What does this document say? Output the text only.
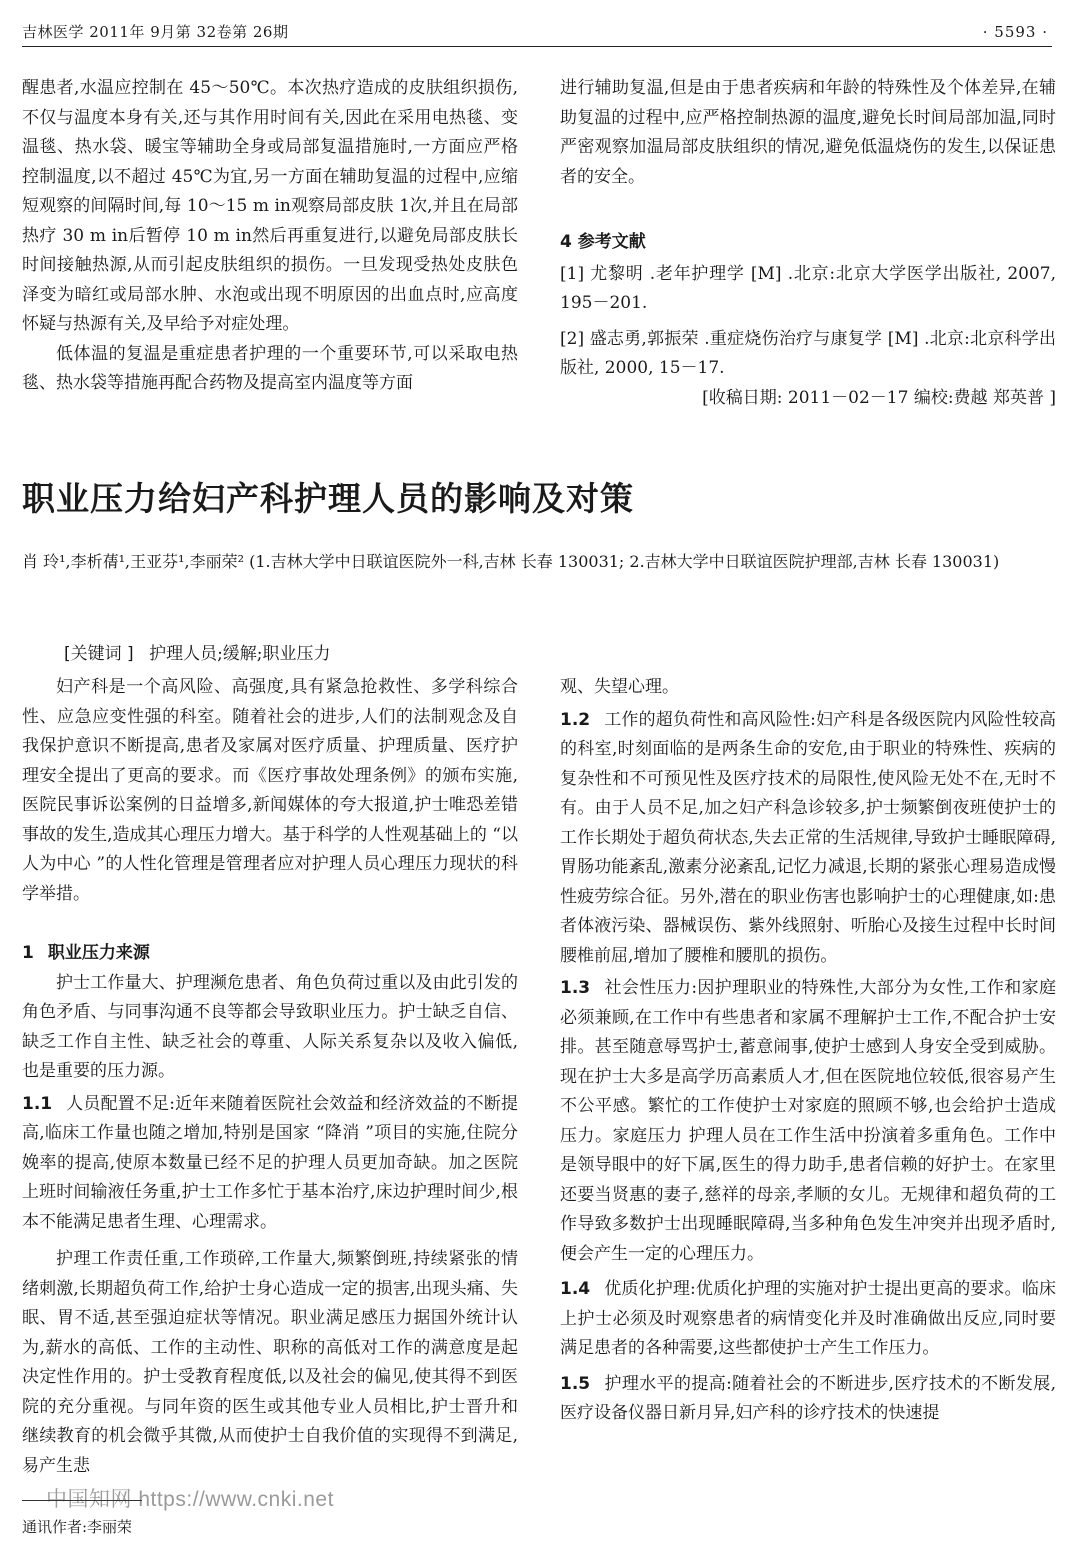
吉林医学 2011年 9月第 32卷第 26期	· 5593 ·

醒患者,水温应控制在 45～50℃。本次热疗造成的皮肤组织损伤,不仅与温度本身有关,还与其作用时间有关,因此在采用电热毯、变温毯、热水袋、暖宝等辅助全身或局部复温措施时,一方面应严格控制温度,以不超过 45℃为宜,另一方面在辅助复温的过程中,应缩短观察的间隔时间,每 10～15 m in观察局部皮肤 1次,并且在局部热疗 30 m in后暂停 10 m in然后再重复进行,以避免局部皮肤长时间接触热源,从而引起皮肤组织的损伤。一旦发现受热处皮肤色泽变为暗红或局部水肿、水泡或出现不明原因的出血点时,应高度怀疑与热源有关,及早给予对症处理。

低体温的复温是重症患者护理的一个重要环节,可以采取电热毯、热水袋等措施再配合药物及提高室内温度等方面

进行辅助复温,但是由于患者疾病和年龄的特殊性及个体差异,在辅助复温的过程中,应严格控制热源的温度,避免长时间局部加温,同时严密观察加温局部皮肤组织的情况,避免低温烧伤的发生,以保证患者的安全。

4 参考文献

[1] 尤黎明 .老年护理学 [M] .北京:北京大学医学出版社, 2007, 195－201.

[2] 盛志勇,郭振荣 .重症烧伤治疗与康复学 [M] .北京:北京科学出版社, 2000, 15－17.

[收稿日期: 2011－02－17 编校:费越 郑英普 ]

职业压力给妇产科护理人员的影响及对策
肖 玲¹,李析蒨¹,王亚芬¹,李丽荣² (1.吉林大学中日联谊医院外一科,吉林 长春 130031; 2.吉林大学中日联谊医院护理部,吉林 长春 130031)
[关键词 ] 护理人员;缓解;职业压力

妇产科是一个高风险、高强度,具有紧急抢救性、多学科综合性、应急应变性强的科室。随着社会的进步,人们的法制观念及自我保护意识不断提高,患者及家属对医疗质量、护理质量、医疗护理安全提出了更高的要求。而《医疗事故处理条例》的颁布实施,医院民事诉讼案例的日益增多,新闻媒体的夸大报道,护士唯恐差错事故的发生,造成其心理压力增大。基于科学的人性观基础上的 “以人为中心 ”的人性化管理是管理者应对护理人员心理压力现状的科学举措。

1 职业压力来源

护士工作量大、护理濒危患者、角色负荷过重以及由此引发的角色矛盾、与同事沟通不良等都会导致职业压力。护士缺乏自信、缺乏工作自主性、缺乏社会的尊重、人际关系复杂以及收入偏低,也是重要的压力源。

1.1 人员配置不足:近年来随着医院社会效益和经济效益的不断提高,临床工作量也随之增加,特别是国家 “降消 ”项目的实施,住院分娩率的提高,使原本数量已经不足的护理人员更加奇缺。加之医院上班时间输液任务重,护士工作多忙于基本治疗,床边护理时间少,根本不能满足患者生理、心理需求。

护理工作责任重,工作琐碎,工作量大,频繁倒班,持续紧张的情绪刺激,长期超负荷工作,给护士身心造成一定的损害,出现头痛、失眠、胃不适,甚至强迫症状等情况。职业满足感压力据国外统计认为,薪水的高低、工作的主动性、职称的高低对工作的满意度是起决定性作用的。护士受教育程度低,以及社会的偏见,使其得不到医院的充分重视。与同年资的医生或其他专业人员相比,护士晋升和继续教育的机会微乎其微,从而使护士自我价值的实现得不到满足,易产生悲

观、失望心理。

1.2 工作的超负荷性和高风险性:妇产科是各级医院内风险性较高的科室,时刻面临的是两条生命的安危,由于职业的特殊性、疾病的复杂性和不可预见性及医疗技术的局限性,使风险无处不在,无时不有。由于人员不足,加之妇产科急诊较多,护士频繁倒夜班使护士的工作长期处于超负荷状态,失去正常的生活规律,导致护士睡眠障碍,胃肠功能紊乱,激素分泌紊乱,记忆力减退,长期的紧张心理易造成慢性疲劳综合征。另外,潜在的职业伤害也影响护士的心理健康,如:患者体液污染、器械误伤、紫外线照射、听胎心及接生过程中长时间腰椎前屈,增加了腰椎和腰肌的损伤。

1.3 社会性压力:因护理职业的特殊性,大部分为女性,工作和家庭必须兼顾,在工作中有些患者和家属不理解护士工作,不配合护士安排。甚至随意辱骂护士,蓄意闹事,使护士感到人身安全受到威胁。现在护士大多是高学历高素质人才,但在医院地位较低,很容易产生不公平感。繁忙的工作使护士对家庭的照顾不够,也会给护士造成压力。家庭压力 护理人员在工作生活中扮演着多重角色。工作中是领导眼中的好下属,医生的得力助手,患者信赖的好护士。在家里还要当贤惠的妻子,慈祥的母亲,孝顺的女儿。无规律和超负荷的工作导致多数护士出现睡眠障碍,当多种角色发生冲突并出现矛盾时,便会产生一定的心理压力。

1.4 优质化护理:优质化护理的实施对护士提出更高的要求。临床上护士必须及时观察患者的病情变化并及时准确做出反应,同时要满足患者的各种需要,这些都使护士产生工作压力。

1.5 护理水平的提高:随着社会的不断进步,医疗技术的不断发展,医疗设备仪器日新月异,妇产科的诊疗技术的快速提

中国知网 https://www.cnki.net
通讯作者:李丽荣
